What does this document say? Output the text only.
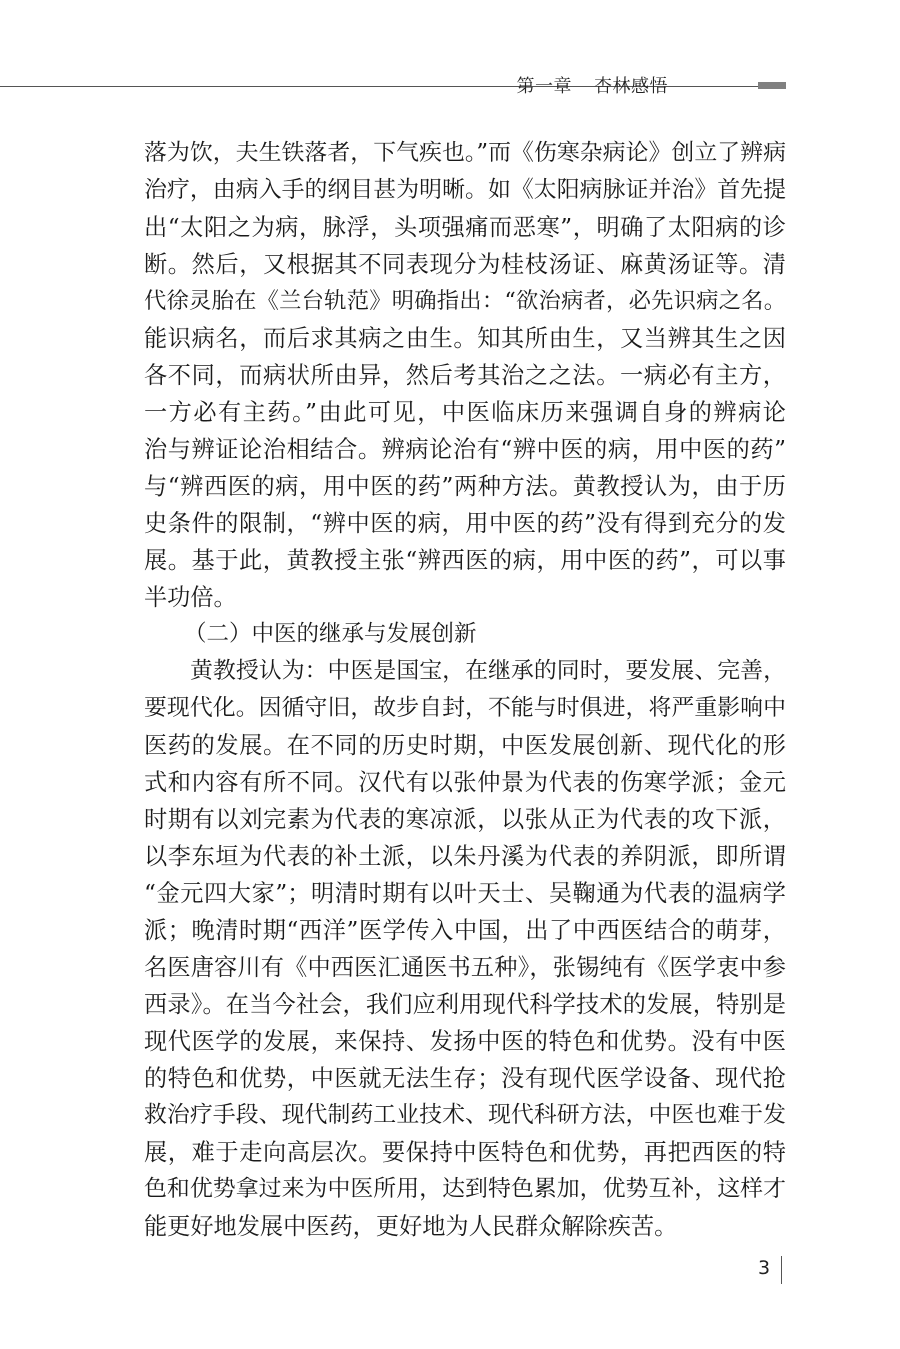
第一章 杏林感悟
落为饮，夫生铁落者，下气疾也。”而《伤寒杂病论》创立了辨病
治疗，由病入手的纲目甚为明晰。如《太阳病脉证并治》首先提
出“太阳之为病，脉浮，头项强痛而恶寒”，明确了太阳病的诊
断。然后，又根据其不同表现分为桂枝汤证、麻黄汤证等。清
代徐灵胎在《兰台轨范》明确指出：“欲治病者，必先识病之名。
能识病名，而后求其病之由生。知其所由生，又当辨其生之因
各不同，而病状所由异，然后考其治之之法。一病必有主方，
一方必有主药。”由此可见，中医临床历来强调自身的辨病论
治与辨证论治相结合。辨病论治有“辨中医的病，用中医的药”
与“辨西医的病，用中医的药”两种方法。黄教授认为，由于历
史条件的限制，“辨中医的病，用中医的药”没有得到充分的发
展。基于此，黄教授主张“辨西医的病，用中医的药”，可以事
半功倍。
（二）中医的继承与发展创新
黄教授认为：中医是国宝，在继承的同时，要发展、完善，
要现代化。因循守旧，故步自封，不能与时俱进，将严重影响中
医药的发展。在不同的历史时期，中医发展创新、现代化的形
式和内容有所不同。汉代有以张仲景为代表的伤寒学派；金元
时期有以刘完素为代表的寒凉派，以张从正为代表的攻下派，
以李东垣为代表的补土派，以朱丹溪为代表的养阴派，即所谓
“金元四大家”；明清时期有以叶天士、吴鞠通为代表的温病学
派；晚清时期“西洋”医学传入中国，出了中西医结合的萌芽，
名医唐容川有《中西医汇通医书五种》，张锡纯有《医学衷中参
西录》。在当今社会，我们应利用现代科学技术的发展，特别是
现代医学的发展，来保持、发扬中医的特色和优势。没有中医
的特色和优势，中医就无法生存；没有现代医学设备、现代抢
救治疗手段、现代制药工业技术、现代科研方法，中医也难于发
展，难于走向高层次。要保持中医特色和优势，再把西医的特
色和优势拿过来为中医所用，达到特色累加，优势互补，这样才
能更好地发展中医药，更好地为人民群众解除疾苦。
3
